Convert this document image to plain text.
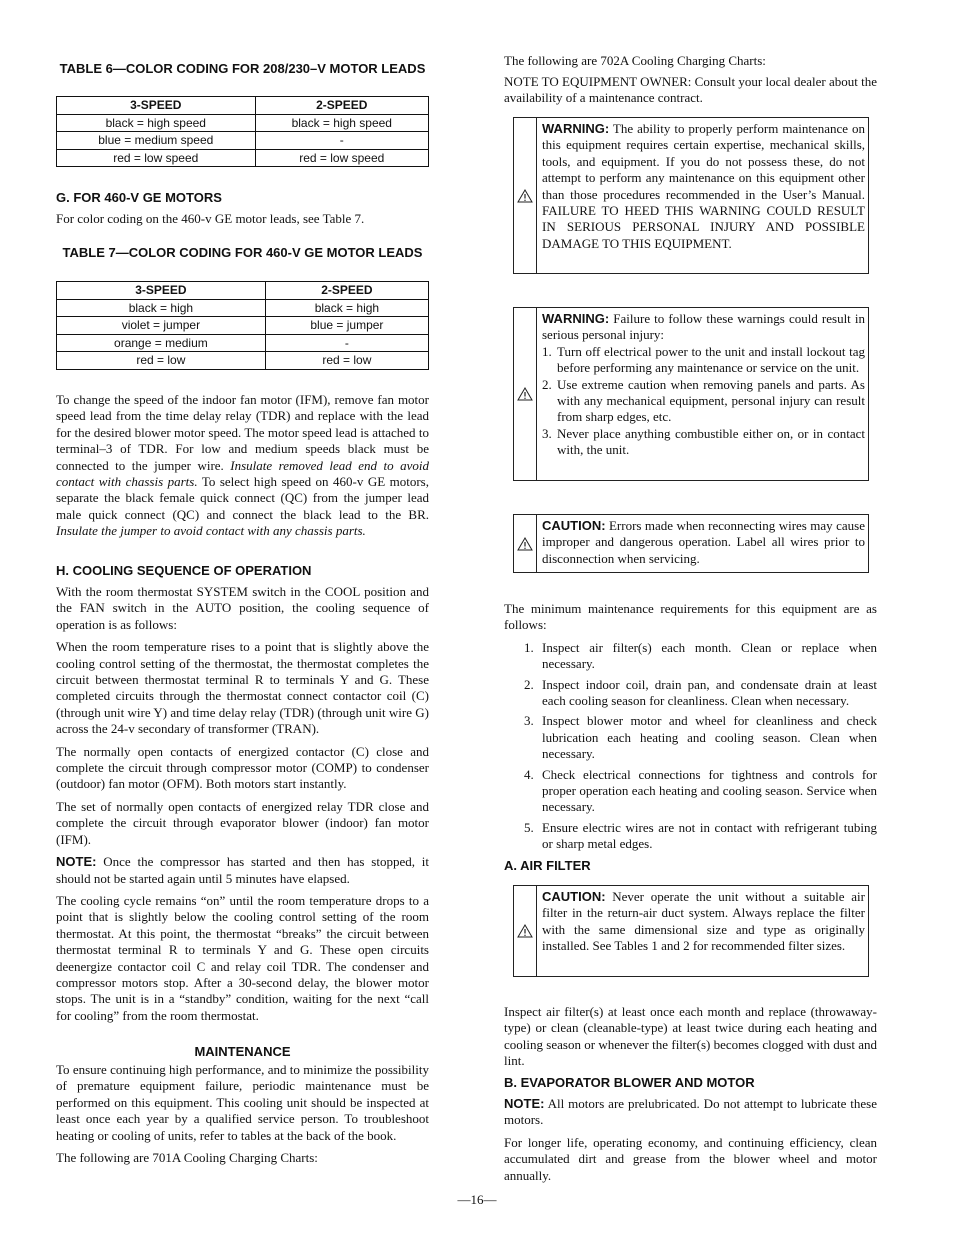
TABLE 6—COLOR CODING FOR 208/230–V MOTOR LEADS
3-SPEED	2-SPEED
black = high speed	black = high speed
blue = medium speed	-
red = low speed	red = low speed
G. FOR 460-V GE MOTORS

For color coding on the 460-v GE motor leads, see Table 7.

TABLE 7—COLOR CODING FOR 460-V GE MOTOR LEADS
3-SPEED	2-SPEED
black = high	black = high
violet = jumper	blue = jumper
orange = medium	-
red = low	red = low

To change the speed of the indoor fan motor (IFM), remove fan motor speed lead from the time delay relay (TDR) and replace with the lead for the desired blower motor speed. The motor speed lead is attached to terminal–3 of TDR. For low and medium speeds black must be connected to the jumper wire. Insulate removed lead end to avoid contact with chassis parts. To select high speed on 460-v GE motors, separate the black female quick connect (QC) from the jumper lead male quick connect (QC) and connect the black lead to the BR. Insulate the jumper to avoid contact with any chassis parts.

H. COOLING SEQUENCE OF OPERATION

With the room thermostat SYSTEM switch in the COOL position and the FAN switch in the AUTO position, the cooling sequence of operation is as follows:

When the room temperature rises to a point that is slightly above the cooling control setting of the thermostat, the thermostat completes the circuit between thermostat terminal R to terminals Y and G. These completed circuits through the thermostat connect contactor coil (C) (through unit wire Y) and time delay relay (TDR) (through unit wire G) across the 24-v secondary of transformer (TRAN).

The normally open contacts of energized contactor (C) close and complete the circuit through compressor motor (COMP) to condenser (outdoor) fan motor (OFM). Both motors start instantly.

The set of normally open contacts of energized relay TDR close and complete the circuit through evaporator blower (indoor) fan motor (IFM).

NOTE: Once the compressor has started and then has stopped, it should not be started again until 5 minutes have elapsed.

The cooling cycle remains “on” until the room temperature drops to a point that is slightly below the cooling control setting of the room thermostat. At this point, the thermostat “breaks” the circuit between thermostat terminal R to terminals Y and G. These open circuits deenergize contactor coil C and relay coil TDR. The condenser and compressor motors stop. After a 30-second delay, the blower motor stops. The unit is in a “standby” condition, waiting for the next “call for cooling” from the room thermostat.

MAINTENANCE

To ensure continuing high performance, and to minimize the possibility of premature equipment failure, periodic maintenance must be performed on this equipment. This cooling unit should be inspected at least once each year by a qualified service person. To troubleshoot heating or cooling of units, refer to tables at the back of the book.

The following are 701A Cooling Charging Charts:

The following are 702A Cooling Charging Charts:

NOTE TO EQUIPMENT OWNER: Consult your local dealer about the availability of a maintenance contract.

WARNING: The ability to properly perform maintenance on this equipment requires certain expertise, mechanical skills, tools, and equipment. If you do not possess these, do not attempt to perform any maintenance on this equipment other than those procedures recommended in the User’s Manual. FAILURE TO HEED THIS WARNING COULD RESULT IN SERIOUS PERSONAL INJURY AND POSSIBLE DAMAGE TO THIS EQUIPMENT.
WARNING: Failure to follow these warnings could result in serious personal injury:
1. Turn off electrical power to the unit and install lockout tag before performing any maintenance or service on the unit.
2. Use extreme caution when removing panels and parts. As with any mechanical equipment, personal injury can result from sharp edges, etc.
3. Never place anything combustible either on, or in contact with, the unit.
CAUTION: Errors made when reconnecting wires may cause improper and dangerous operation. Label all wires prior to disconnection when servicing.

The minimum maintenance requirements for this equipment are as follows:

1. Inspect air filter(s) each month. Clean or replace when necessary.
2. Inspect indoor coil, drain pan, and condensate drain at least each cooling season for cleanliness. Clean when necessary.
3. Inspect blower motor and wheel for cleanliness and check lubrication each heating and cooling season. Clean when necessary.
4. Check electrical connections for tightness and controls for proper operation each heating and cooling season. Service when necessary.
5. Ensure electric wires are not in contact with refrigerant tubing or sharp metal edges.
A. AIR FILTER
CAUTION: Never operate the unit without a suitable air filter in the return-air duct system. Always replace the filter with the same dimensional size and type as originally installed. See Tables 1 and 2 for recommended filter sizes.

Inspect air filter(s) at least once each month and replace (throwaway-type) or clean (cleanable-type) at least twice during each heating and cooling season or whenever the filter(s) becomes clogged with dust and lint.

B. EVAPORATOR BLOWER AND MOTOR

NOTE: All motors are prelubricated. Do not attempt to lubricate these motors.

For longer life, operating economy, and continuing efficiency, clean accumulated dirt and grease from the blower wheel and motor annually.

—16—
